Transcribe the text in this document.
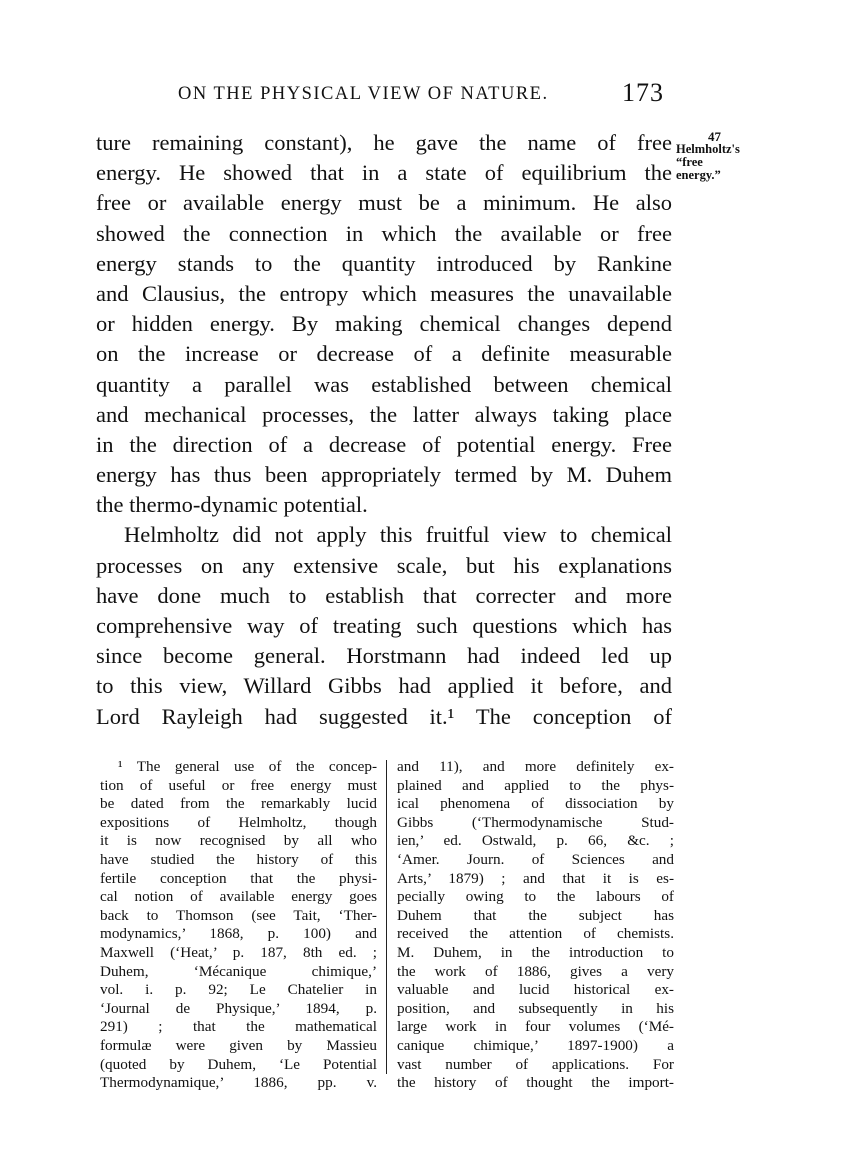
ON THE PHYSICAL VIEW OF NATURE.	173
47
Helmholtz's
“free
energy.”
ture remaining constant), he gave the name of free
energy. He showed that in a state of equilibrium the
free or available energy must be a minimum. He also
showed the connection in which the available or free
energy stands to the quantity introduced by Rankine
and Clausius, the entropy which measures the unavailable
or hidden energy. By making chemical changes depend
on the increase or decrease of a definite measurable
quantity a parallel was established between chemical
and mechanical processes, the latter always taking place
in the direction of a decrease of potential energy. Free
energy has thus been appropriately termed by M. Duhem
the thermo-dynamic potential.
Helmholtz did not apply this fruitful view to chemical
processes on any extensive scale, but his explanations
have done much to establish that correcter and more
comprehensive way of treating such questions which has
since become general. Horstmann had indeed led up
to this view, Willard Gibbs had applied it before, and
Lord Rayleigh had suggested it.¹ The conception of
¹ The general use of the concep-
tion of useful or free energy must
be dated from the remarkably lucid
expositions of Helmholtz, though
it is now recognised by all who
have studied the history of this
fertile conception that the physi-
cal notion of available energy goes
back to Thomson (see Tait, ‘Ther-
modynamics,’ 1868, p. 100) and
Maxwell (‘Heat,’ p. 187, 8th ed. ;
Duhem, ‘Mécanique chimique,’
vol. i. p. 92; Le Chatelier in
‘Journal de Physique,’ 1894, p.
291) ; that the mathematical
formulæ were given by Massieu
(quoted by Duhem, ‘Le Potential
Thermodynamique,’ 1886, pp. v.
and 11), and more definitely ex-
plained and applied to the phys-
ical phenomena of dissociation by
Gibbs (‘Thermodynamische Stud-
ien,’ ed. Ostwald, p. 66, &c. ;
‘Amer. Journ. of Sciences and
Arts,’ 1879) ; and that it is es-
pecially owing to the labours of
Duhem that the subject has
received the attention of chemists.
M. Duhem, in the introduction to
the work of 1886, gives a very
valuable and lucid historical ex-
position, and subsequently in his
large work in four volumes (‘Mé-
canique chimique,’ 1897-1900) a
vast number of applications. For
the history of thought the import-
